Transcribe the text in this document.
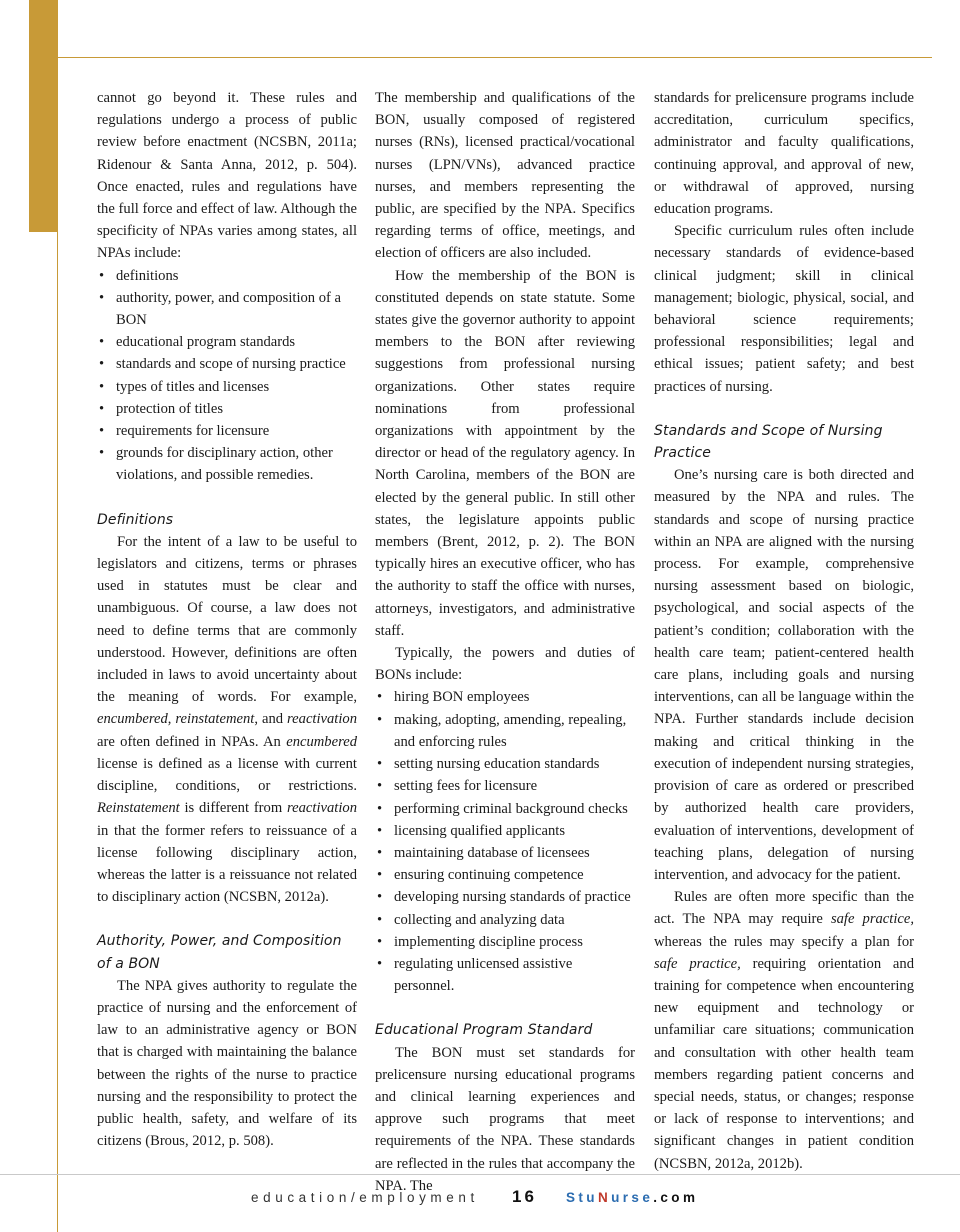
cannot go beyond it. These rules and regulations undergo a process of public review before enactment (NCSBN, 2011a; Ridenour & Santa Anna, 2012, p. 504). Once enacted, rules and regulations have the full force and effect of law. Although the specificity of NPAs varies among states, all NPAs include:

• definitions
• authority, power, and composition of a BON
• educational program standards
• standards and scope of nursing practice
• types of titles and licenses
• protection of titles
• requirements for licensure
• grounds for disciplinary action, other violations, and possible remedies.
Definitions

For the intent of a law to be useful to legislators and citizens, terms or phrases used in statutes must be clear and unambiguous. Of course, a law does not need to define terms that are commonly understood. However, definitions are often included in laws to avoid uncertainty about the meaning of words. For example, encumbered, reinstatement, and reactivation are often defined in NPAs. An encumbered license is defined as a license with current discipline, conditions, or restrictions. Reinstatement is different from reactivation in that the former refers to reissuance of a license following disciplinary action, whereas the latter is a reissuance not related to disciplinary action (NCSBN, 2012a).

Authority, Power, and Composition of a BON

The NPA gives authority to regulate the practice of nursing and the enforcement of law to an administrative agency or BON that is charged with maintaining the balance between the rights of the nurse to practice nursing and the responsibility to protect the public health, safety, and welfare of its citizens (Brous, 2012, p. 508).

The membership and qualifications of the BON, usually composed of registered nurses (RNs), licensed practical/vocational nurses (LPN/VNs), advanced practice nurses, and members representing the public, are specified by the NPA. Specifics regarding terms of office, meetings, and election of officers are also included.

How the membership of the BON is constituted depends on state statute. Some states give the governor authority to appoint members to the BON after reviewing suggestions from professional nursing organizations. Other states require nominations from professional organizations with appointment by the director or head of the regulatory agency. In North Carolina, members of the BON are elected by the general public. In still other states, the legislature appoints public members (Brent, 2012, p. 2). The BON typically hires an executive officer, who has the authority to staff the office with nurses, attorneys, investigators, and administrative staff.

Typically, the powers and duties of BONs include:

• hiring BON employees
• making, adopting, amending, repealing, and enforcing rules
• setting nursing education standards
• setting fees for licensure
• performing criminal background checks
• licensing qualified applicants
• maintaining database of licensees
• ensuring continuing competence
• developing nursing standards of practice
• collecting and analyzing data
• implementing discipline process
• regulating unlicensed assistive personnel.
Educational Program Standard

The BON must set standards for prelicensure nursing educational programs and clinical learning experiences and approve such programs that meet requirements of the NPA. These standards are reflected in the rules that accompany the NPA. The

standards for prelicensure programs include accreditation, curriculum specifics, administrator and faculty qualifications, continuing approval, and approval of new, or withdrawal of approved, nursing education programs.

Specific curriculum rules often include necessary standards of evidence-based clinical judgment; skill in clinical management; biologic, physical, social, and behavioral science requirements; professional responsibilities; legal and ethical issues; patient safety; and best practices of nursing.

Standards and Scope of Nursing Practice

One’s nursing care is both directed and measured by the NPA and rules. The standards and scope of nursing practice within an NPA are aligned with the nursing process. For example, comprehensive nursing assessment based on biologic, psychological, and social aspects of the patient’s condition; collaboration with the health care team; patient-centered health care plans, including goals and nursing interventions, can all be language within the NPA. Further standards include decision making and critical thinking in the execution of independent nursing strategies, provision of care as ordered or prescribed by authorized health care providers, evaluation of interventions, development of teaching plans, delegation of nursing intervention, and advocacy for the patient.

Rules are often more specific than the act. The NPA may require safe practice, whereas the rules may specify a plan for safe practice, requiring orientation and training for competence when encountering new equipment and technology or unfamiliar care situations; communication and consultation with other health team members regarding patient concerns and special needs, status, or changes; response or lack of response to interventions; and significant changes in patient condition (NCSBN, 2012a, 2012b).

education/employment 16 StuNurse.com
